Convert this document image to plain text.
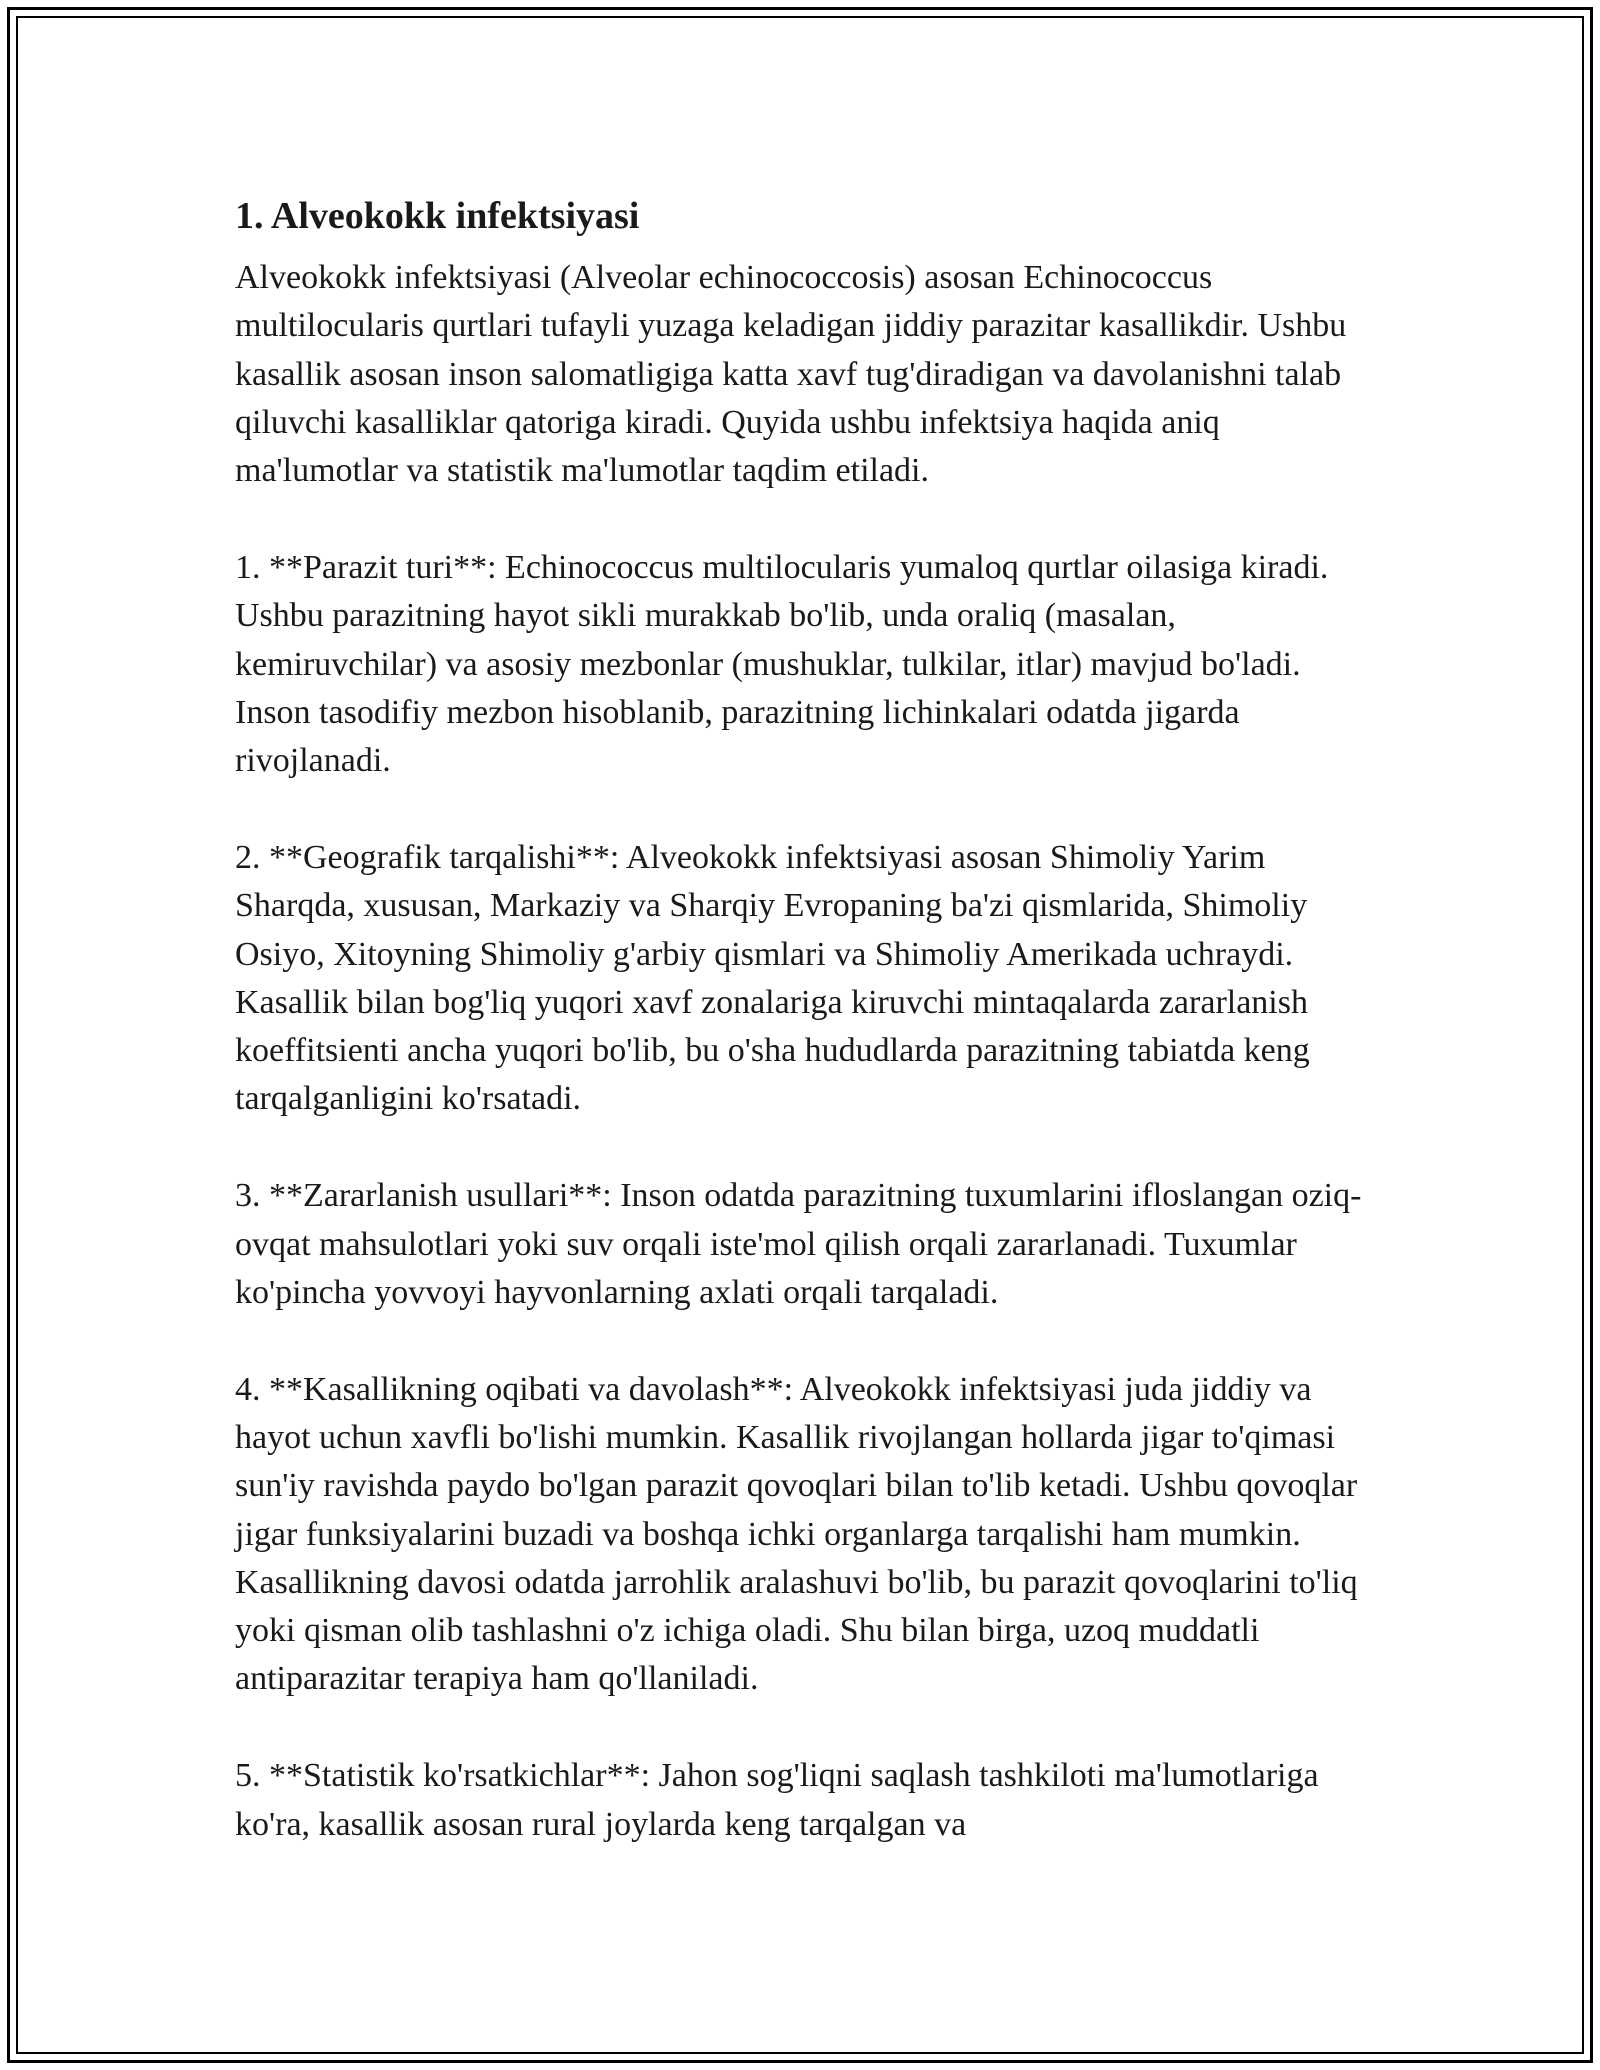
1. Alveokokk infektsiyasi

Alveokokk infektsiyasi (Alveolar echinococcosis) asosan Echinococcus multilocularis qurtlari tufayli yuzaga keladigan jiddiy parazitar kasallikdir. Ushbu kasallik asosan inson salomatligiga katta xavf tug'diradigan va davolanishni talab qiluvchi kasalliklar qatoriga kiradi. Quyida ushbu infektsiya haqida aniq ma'lumotlar va statistik ma'lumotlar taqdim etiladi.

1. **Parazit turi**: Echinococcus multilocularis yumaloq qurtlar oilasiga kiradi. Ushbu parazitning hayot sikli murakkab bo'lib, unda oraliq (masalan, kemiruvchilar) va asosiy mezbonlar (mushuklar, tulkilar, itlar) mavjud bo'ladi. Inson tasodifiy mezbon hisoblanib, parazitning lichinkalari odatda jigarda rivojlanadi.

2. **Geografik tarqalishi**: Alveokokk infektsiyasi asosan Shimoliy Yarim Sharqda, xususan, Markaziy va Sharqiy Evropaning ba'zi qismlarida, Shimoliy Osiyo, Xitoyning Shimoliy g'arbiy qismlari va Shimoliy Amerikada uchraydi. Kasallik bilan bog'liq yuqori xavf zonalariga kiruvchi mintaqalarda zararlanish koeffitsienti ancha yuqori bo'lib, bu o'sha hududlarda parazitning tabiatda keng tarqalganligini ko'rsatadi.

3. **Zararlanish usullari**: Inson odatda parazitning tuxumlarini ifloslangan oziq-ovqat mahsulotlari yoki suv orqali iste'mol qilish orqali zararlanadi. Tuxumlar ko'pincha yovvoyi hayvonlarning axlati orqali tarqaladi.

4. **Kasallikning oqibati va davolash**: Alveokokk infektsiyasi juda jiddiy va hayot uchun xavfli bo'lishi mumkin. Kasallik rivojlangan hollarda jigar to'qimasi sun'iy ravishda paydo bo'lgan parazit qovoqlari bilan to'lib ketadi. Ushbu qovoqlar jigar funksiyalarini buzadi va boshqa ichki organlarga tarqalishi ham mumkin. Kasallikning davosi odatda jarrohlik aralashuvi bo'lib, bu parazit qovoqlarini to'liq yoki qisman olib tashlashni o'z ichiga oladi. Shu bilan birga, uzoq muddatli antiparazitar terapiya ham qo'llaniladi.

5. **Statistik ko'rsatkichlar**: Jahon sog'liqni saqlash tashkiloti ma'lumotlariga ko'ra, kasallik asosan rural joylarda keng tarqalgan va
